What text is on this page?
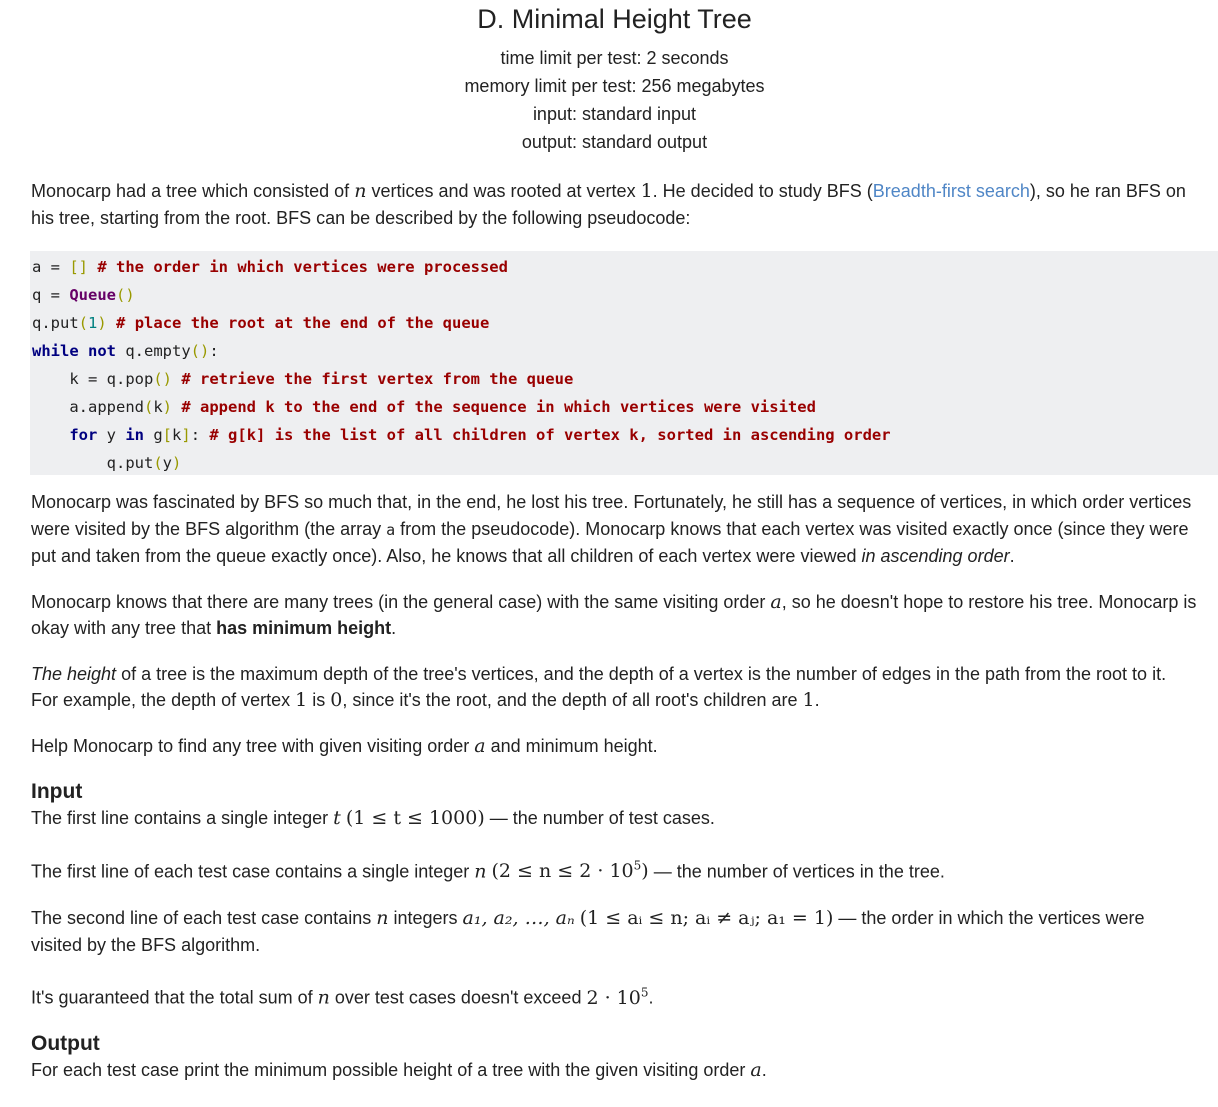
D. Minimal Height Tree
time limit per test: 2 seconds
memory limit per test: 256 megabytes
input: standard input
output: standard output

Monocarp had a tree which consisted of n vertices and was rooted at vertex 1. He decided to study BFS (Breadth-first search), so he ran BFS on his tree, starting from the root. BFS can be described by the following pseudocode:

a = [] # the order in which vertices were processed
q = Queue()
q.put(1) # place the root at the end of the queue
while not q.empty():
k = q.pop() # retrieve the first vertex from the queue
a.append(k) # append k to the end of the sequence in which vertices were visited
for y in g[k]: # g[k] is the list of all children of vertex k, sorted in ascending order
q.put(y)

Monocarp was fascinated by BFS so much that, in the end, he lost his tree. Fortunately, he still has a sequence of vertices, in which order vertices were visited by the BFS algorithm (the array a from the pseudocode). Monocarp knows that each vertex was visited exactly once (since they were put and taken from the queue exactly once). Also, he knows that all children of each vertex were viewed in ascending order.

Monocarp knows that there are many trees (in the general case) with the same visiting order a, so he doesn't hope to restore his tree. Monocarp is okay with any tree that has minimum height.

The height of a tree is the maximum depth of the tree's vertices, and the depth of a vertex is the number of edges in the path from the root to it. For example, the depth of vertex 1 is 0, since it's the root, and the depth of all root's children are 1.

Help Monocarp to find any tree with given visiting order a and minimum height.

Input

The first line contains a single integer t (1 ≤ t ≤ 1000) — the number of test cases.

The first line of each test case contains a single integer n $(2 \le n \le 2 \cdot 10^5)$ — the number of vertices in the tree.

The second line of each test case contains n integers a₁, a₂, …, aₙ (1 ≤ aᵢ ≤ n; aᵢ ≠ aⱼ; a₁ = 1) — the order in which the vertices were visited by the BFS algorithm.

It's guaranteed that the total sum of n over test cases doesn't exceed $2 \cdot 10^5$.

Output

For each test case print the minimum possible height of a tree with the given visiting order a.
